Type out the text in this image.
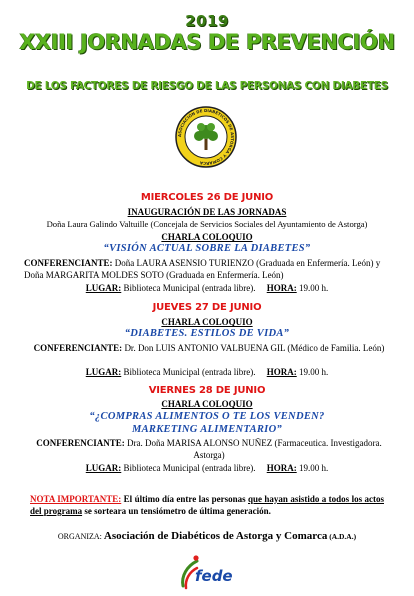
2019
XXIII JORNADAS DE PREVENCIÓN
DE LOS FACTORES DE RIESGO DE LAS PERSONAS CON DIABETES
ASOCIACIÓN DE DIABÉTICOS DE ASTORGA Y COMARCA
MIERCOLES 26 DE JUNIO
INAUGURACIÓN DE LAS JORNADAS
Doña Laura Galindo Valtuille (Concejala de Servicios Sociales del Ayuntamiento de Astorga)
CHARLA COLOQUIO
“VISIÓN ACTUAL SOBRE LA DIABETES”
CONFERENCIANTE: Doña LAURA ASENSIO TURIENZO (Graduada en Enfermería. León) y Doña MARGARITA MOLDES SOTO (Graduada en Enfermería. León)
LUGAR: Biblioteca Municipal (entrada libre). HORA: 19.00 h.
JUEVES 27 DE JUNIO
CHARLA COLOQUIO
“DIABETES. ESTILOS DE VIDA”
CONFERENCIANTE: Dr. Don LUIS ANTONIO VALBUENA GIL (Médico de Familia. León)
LUGAR: Biblioteca Municipal (entrada libre). HORA: 19.00 h.
VIERNES 28 DE JUNIO
CHARLA COLOQUIO
“¿COMPRAS ALIMENTOS O TE LOS VENDEN? MARKETING ALIMENTARIO”
CONFERENCIANTE: Dra. Doña MARISA ALONSO NUÑEZ (Farmaceutica. Investigadora. Astorga)
LUGAR: Biblioteca Municipal (entrada libre). HORA: 19.00 h.
NOTA IMPORTANTE: El último día entre las personas que hayan asistido a todos los actos del programa se sorteara un tensiómetro de última generación.
ORGANIZA: Asociación de Diabéticos de Astorga y Comarca (A.D.A.)
fede
